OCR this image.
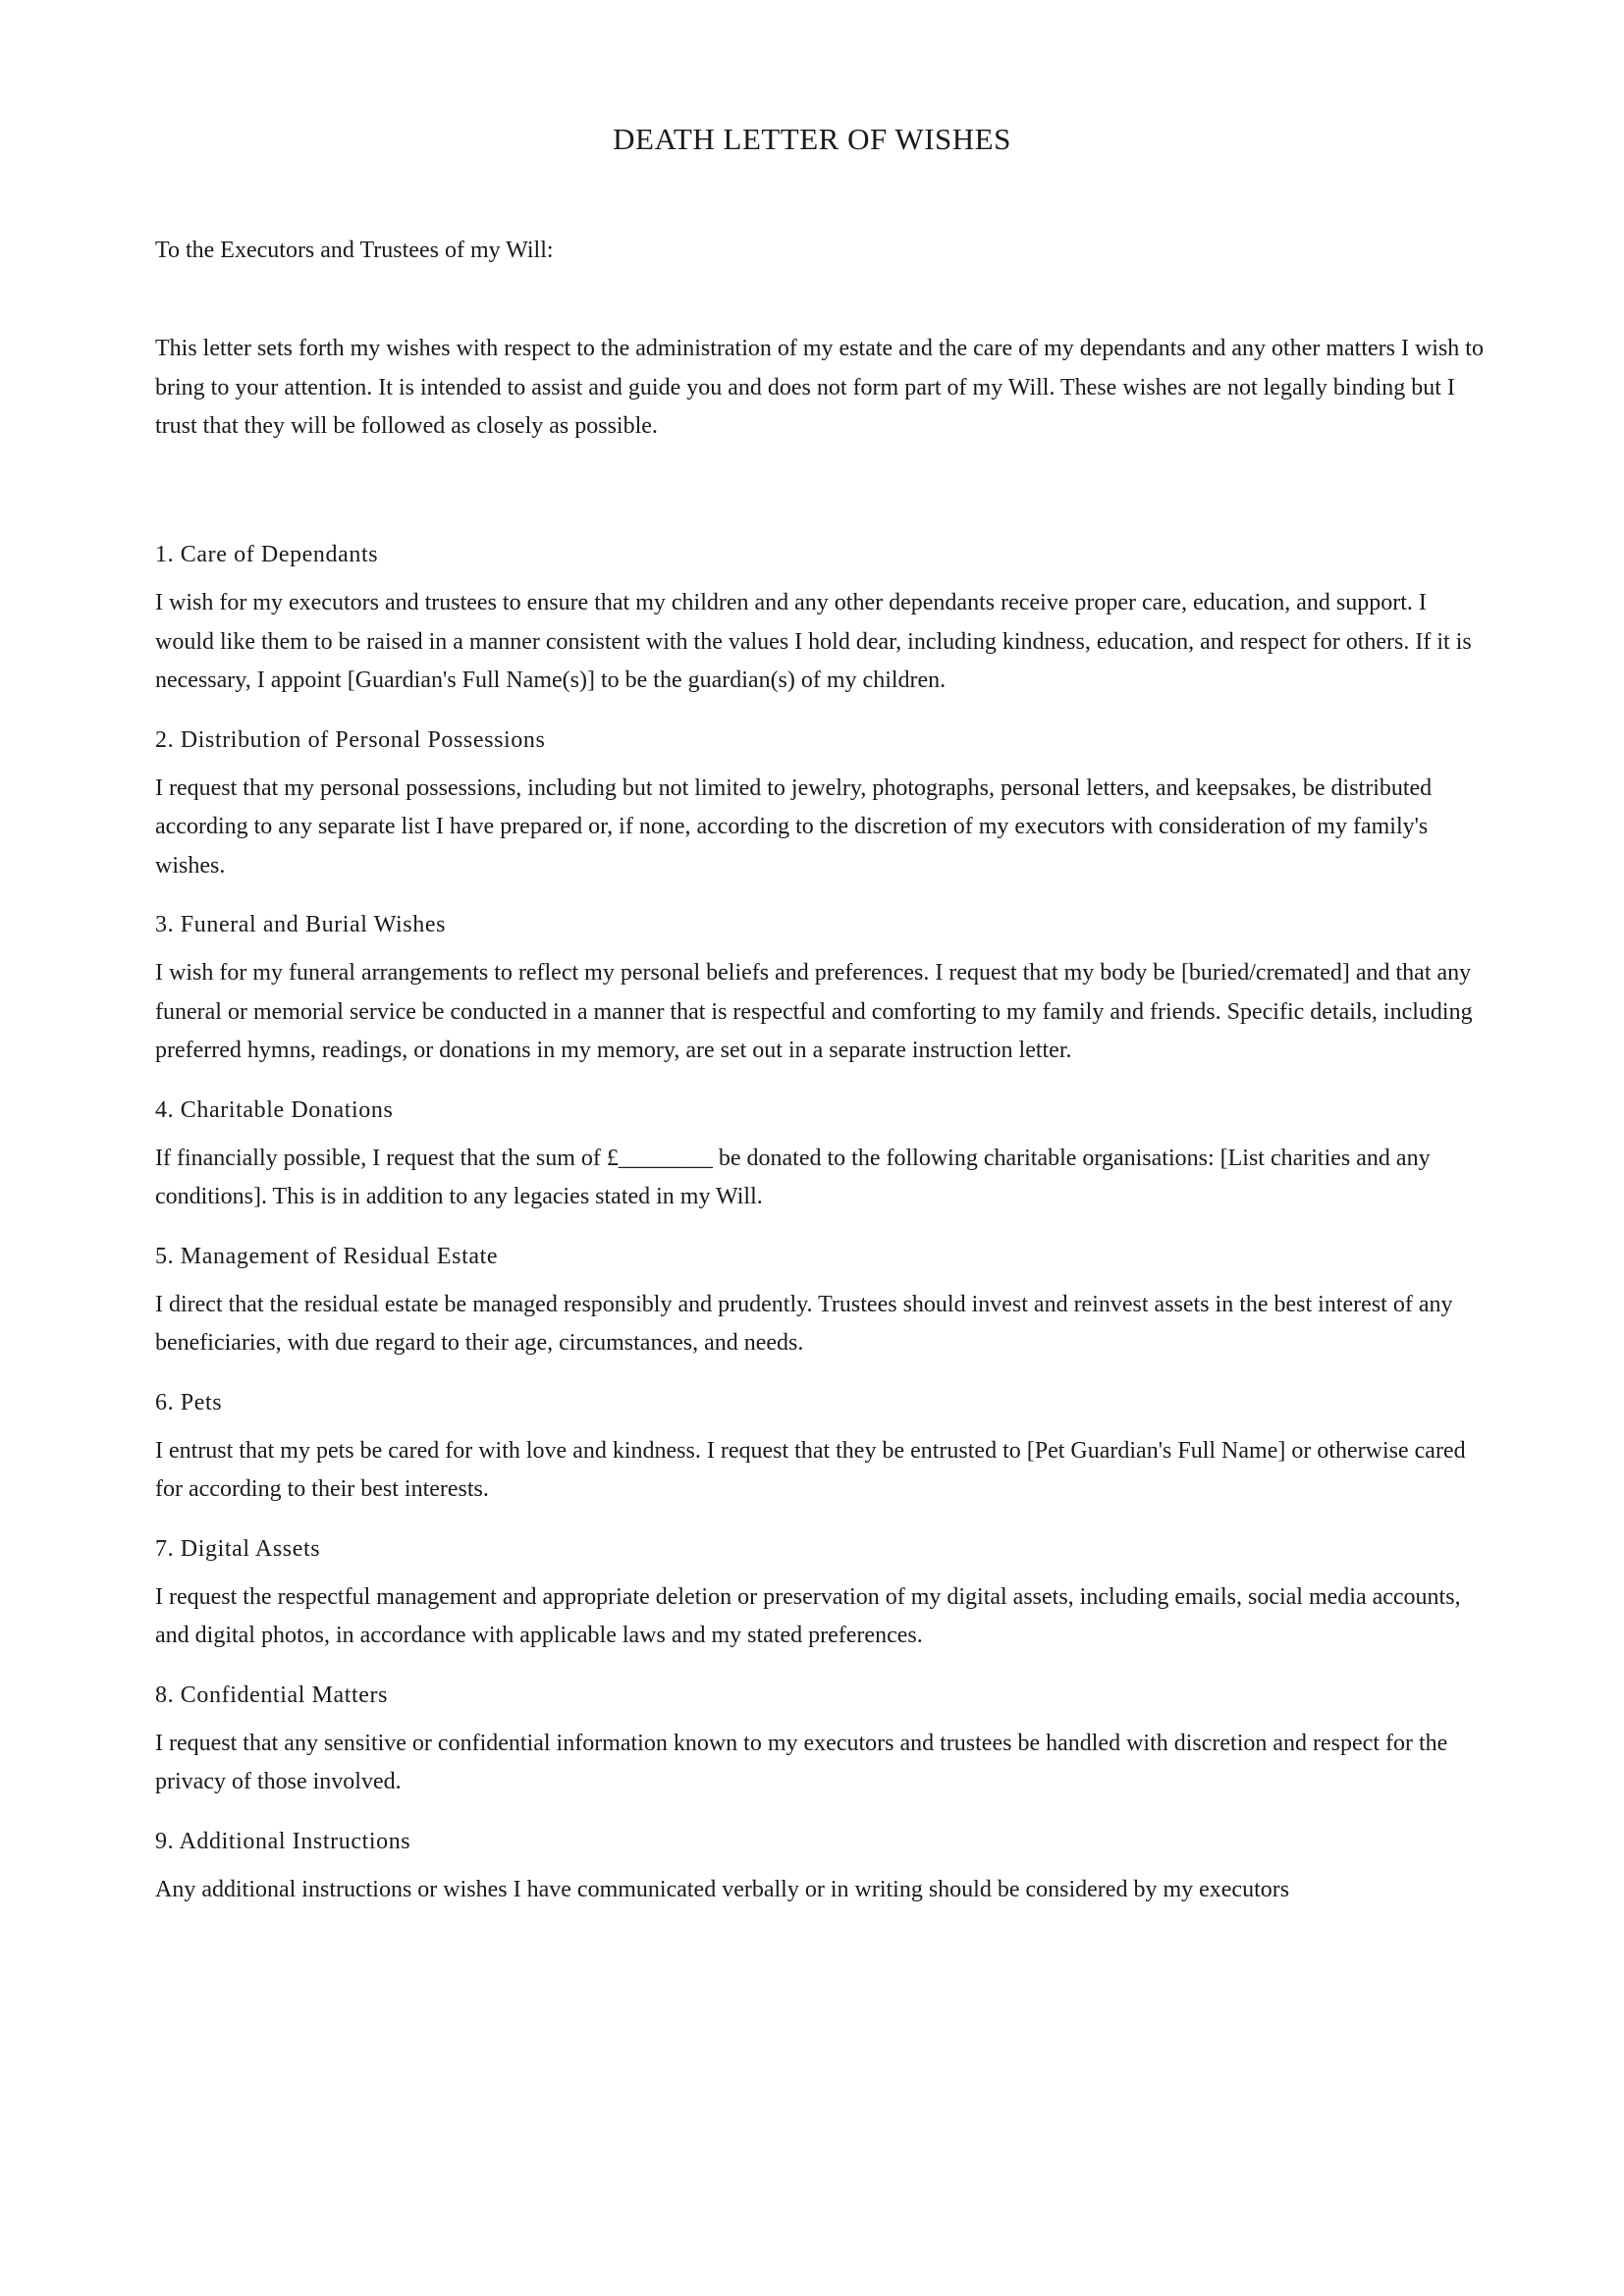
DEATH LETTER OF WISHES

To the Executors and Trustees of my Will:

This letter sets forth my wishes with respect to the administration of my estate and the care of my dependants and any other matters I wish to bring to your attention. It is intended to assist and guide you and does not form part of my Will. These wishes are not legally binding but I trust that they will be followed as closely as possible.

1. Care of Dependants

I wish for my executors and trustees to ensure that my children and any other dependants receive proper care, education, and support. I would like them to be raised in a manner consistent with the values I hold dear, including kindness, education, and respect for others. If it is necessary, I appoint [Guardian's Full Name(s)] to be the guardian(s) of my children.

2. Distribution of Personal Possessions

I request that my personal possessions, including but not limited to jewelry, photographs, personal letters, and keepsakes, be distributed according to any separate list I have prepared or, if none, according to the discretion of my executors with consideration of my family's wishes.

3. Funeral and Burial Wishes

I wish for my funeral arrangements to reflect my personal beliefs and preferences. I request that my body be [buried/cremated] and that any funeral or memorial service be conducted in a manner that is respectful and comforting to my family and friends. Specific details, including preferred hymns, readings, or donations in my memory, are set out in a separate instruction letter.

4. Charitable Donations

If financially possible, I request that the sum of £________ be donated to the following charitable organisations: [List charities and any conditions]. This is in addition to any legacies stated in my Will.

5. Management of Residual Estate

I direct that the residual estate be managed responsibly and prudently. Trustees should invest and reinvest assets in the best interest of any beneficiaries, with due regard to their age, circumstances, and needs.

6. Pets

I entrust that my pets be cared for with love and kindness. I request that they be entrusted to [Pet Guardian's Full Name] or otherwise cared for according to their best interests.

7. Digital Assets

I request the respectful management and appropriate deletion or preservation of my digital assets, including emails, social media accounts, and digital photos, in accordance with applicable laws and my stated preferences.

8. Confidential Matters

I request that any sensitive or confidential information known to my executors and trustees be handled with discretion and respect for the privacy of those involved.

9. Additional Instructions

Any additional instructions or wishes I have communicated verbally or in writing should be considered by my executors
